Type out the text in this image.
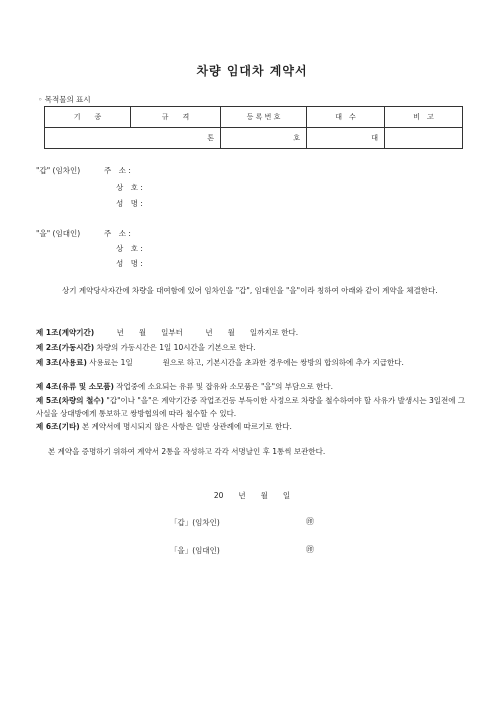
차량 임대차 계약서
◦ 목적물의 표시
기　　종	규　　격	등 록 번 호	대　수	비　고
톤		호	대	
"갑" (임차인)	주　소 :
상　호 :
성　명 :
"을" (임대인)	주　소 :
상　호 :
성　명 :
상기 계약당사자간에 차량을 대여함에 있어 임차인을 "갑", 임대인을 "을"이라 칭하여 아래와 같이 계약을 체결한다.
제 1조(계약기간)　　　년　　월　　일부터　　　년　　월　　일까지로 한다.
제 2조(가동시간) 차량의 가동시간은 1일 10시간을 기본으로 한다.
제 3조(사용료) 사용료는 1일　　　　원으로 하고, 기본시간을 초과한 경우에는 쌍방의 합의하에 추가 지급한다.
제 4조(유류 및 소모품) 작업중에 소요되는 유류 및 잡유와 소모품은 "을"의 부담으로 한다.
제 5조(차량의 철수) "갑"이나 "을"은 계약기간중 작업조건등 부득이한 사정으로 차량을 철수하여야 할 사유가 발생시는 3일전에 그 사실을 상대방에게 통보하고 쌍방협의에 따라 철수할 수 있다.
제 6조(기타) 본 계약서에 명시되지 않은 사항은 일반 상관례에 따르기로 한다.
본 계약을 증명하기 위하여 계약서 2통을 작성하고 각각 서명날인 후 1통씩 보관한다.
20　　년　　월　　일
「갑」(임차인)	㊞
「을」(임대인)	㊞
